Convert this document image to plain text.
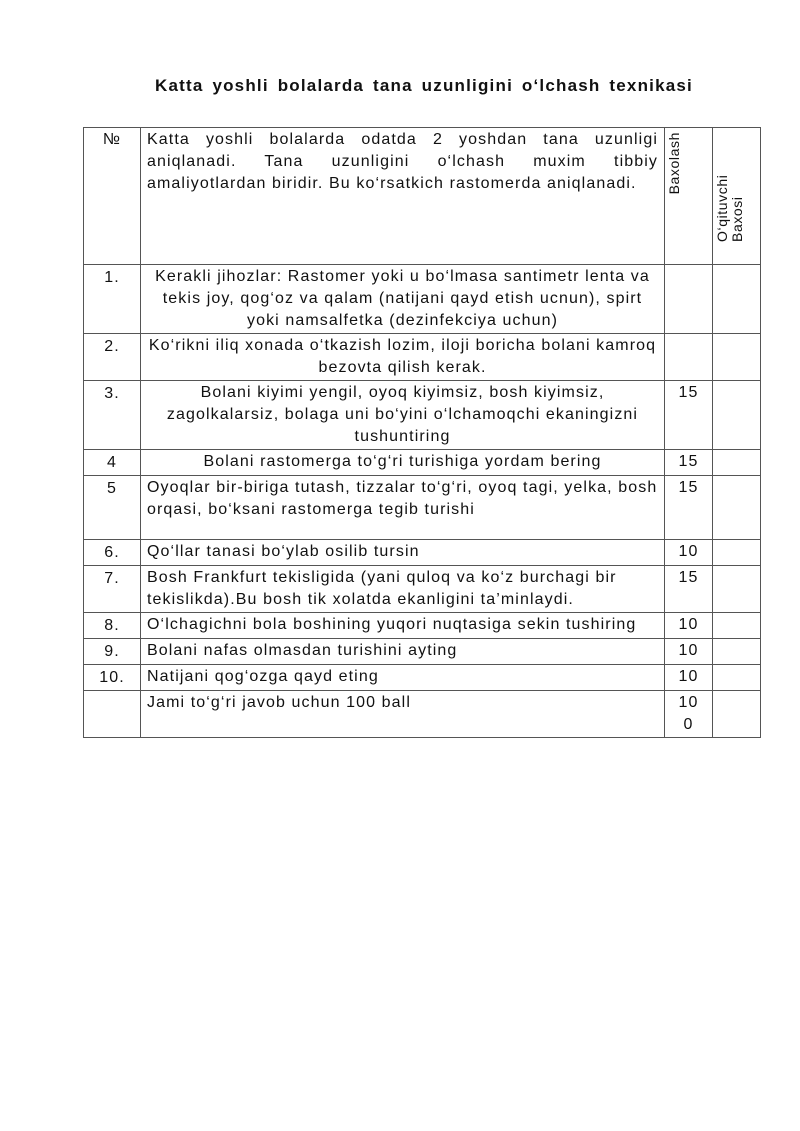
Katta yoshli bolalarda tana uzunligini o‘lchash texnikasi
№	Katta yoshli bolalarda odatda 2 yoshdan tana uzunligi aniqlanadi. Tana uzunligini o‘lchash muxim tibbiy amaliyotlardan biridir. Bu ko‘rsatkich rastomerda aniqlanadi.	Baxolash	O‘qituvchi Baxosi
1.	Kerakli jihozlar: Rastomer yoki u bo‘lmasa santimetr lenta va tekis joy, qog‘oz va qalam (natijani qayd etish ucnun), spirt yoki namsalfetka (dezinfekciya uchun)		
2.	Ko‘rikni iliq xonada o‘tkazish lozim, iloji boricha bolani kamroq bezovta qilish kerak.		
3.	Bolani kiyimi yengil, oyoq kiyimsiz, bosh kiyimsiz, zagolkalarsiz, bolaga uni bo‘yini o‘lchamoqchi ekaningizni tushuntiring	15	
4	Bolani rastomerga to‘g‘ri turishiga yordam bering	15	
5	Oyoqlar bir-biriga tutash, tizzalar to‘g‘ri, oyoq tagi, yelka, bosh orqasi, bo‘ksani rastomerga tegib turishi	15	
6.	Qo‘llar tanasi bo‘ylab osilib tursin	10	
7.	Bosh Frankfurt tekisligida (yani quloq va ko‘z burchagi bir tekislikda).Bu bosh tik xolatda ekanligini ta’minlaydi.	15	
8.	O‘lchagichni bola boshining yuqori nuqtasiga sekin tushiring	10	
9.	Bolani nafas olmasdan turishini ayting	10	
10.	Natijani qog‘ozga qayd eting	10	
	Jami to‘g‘ri javob uchun 100 ball	100	
